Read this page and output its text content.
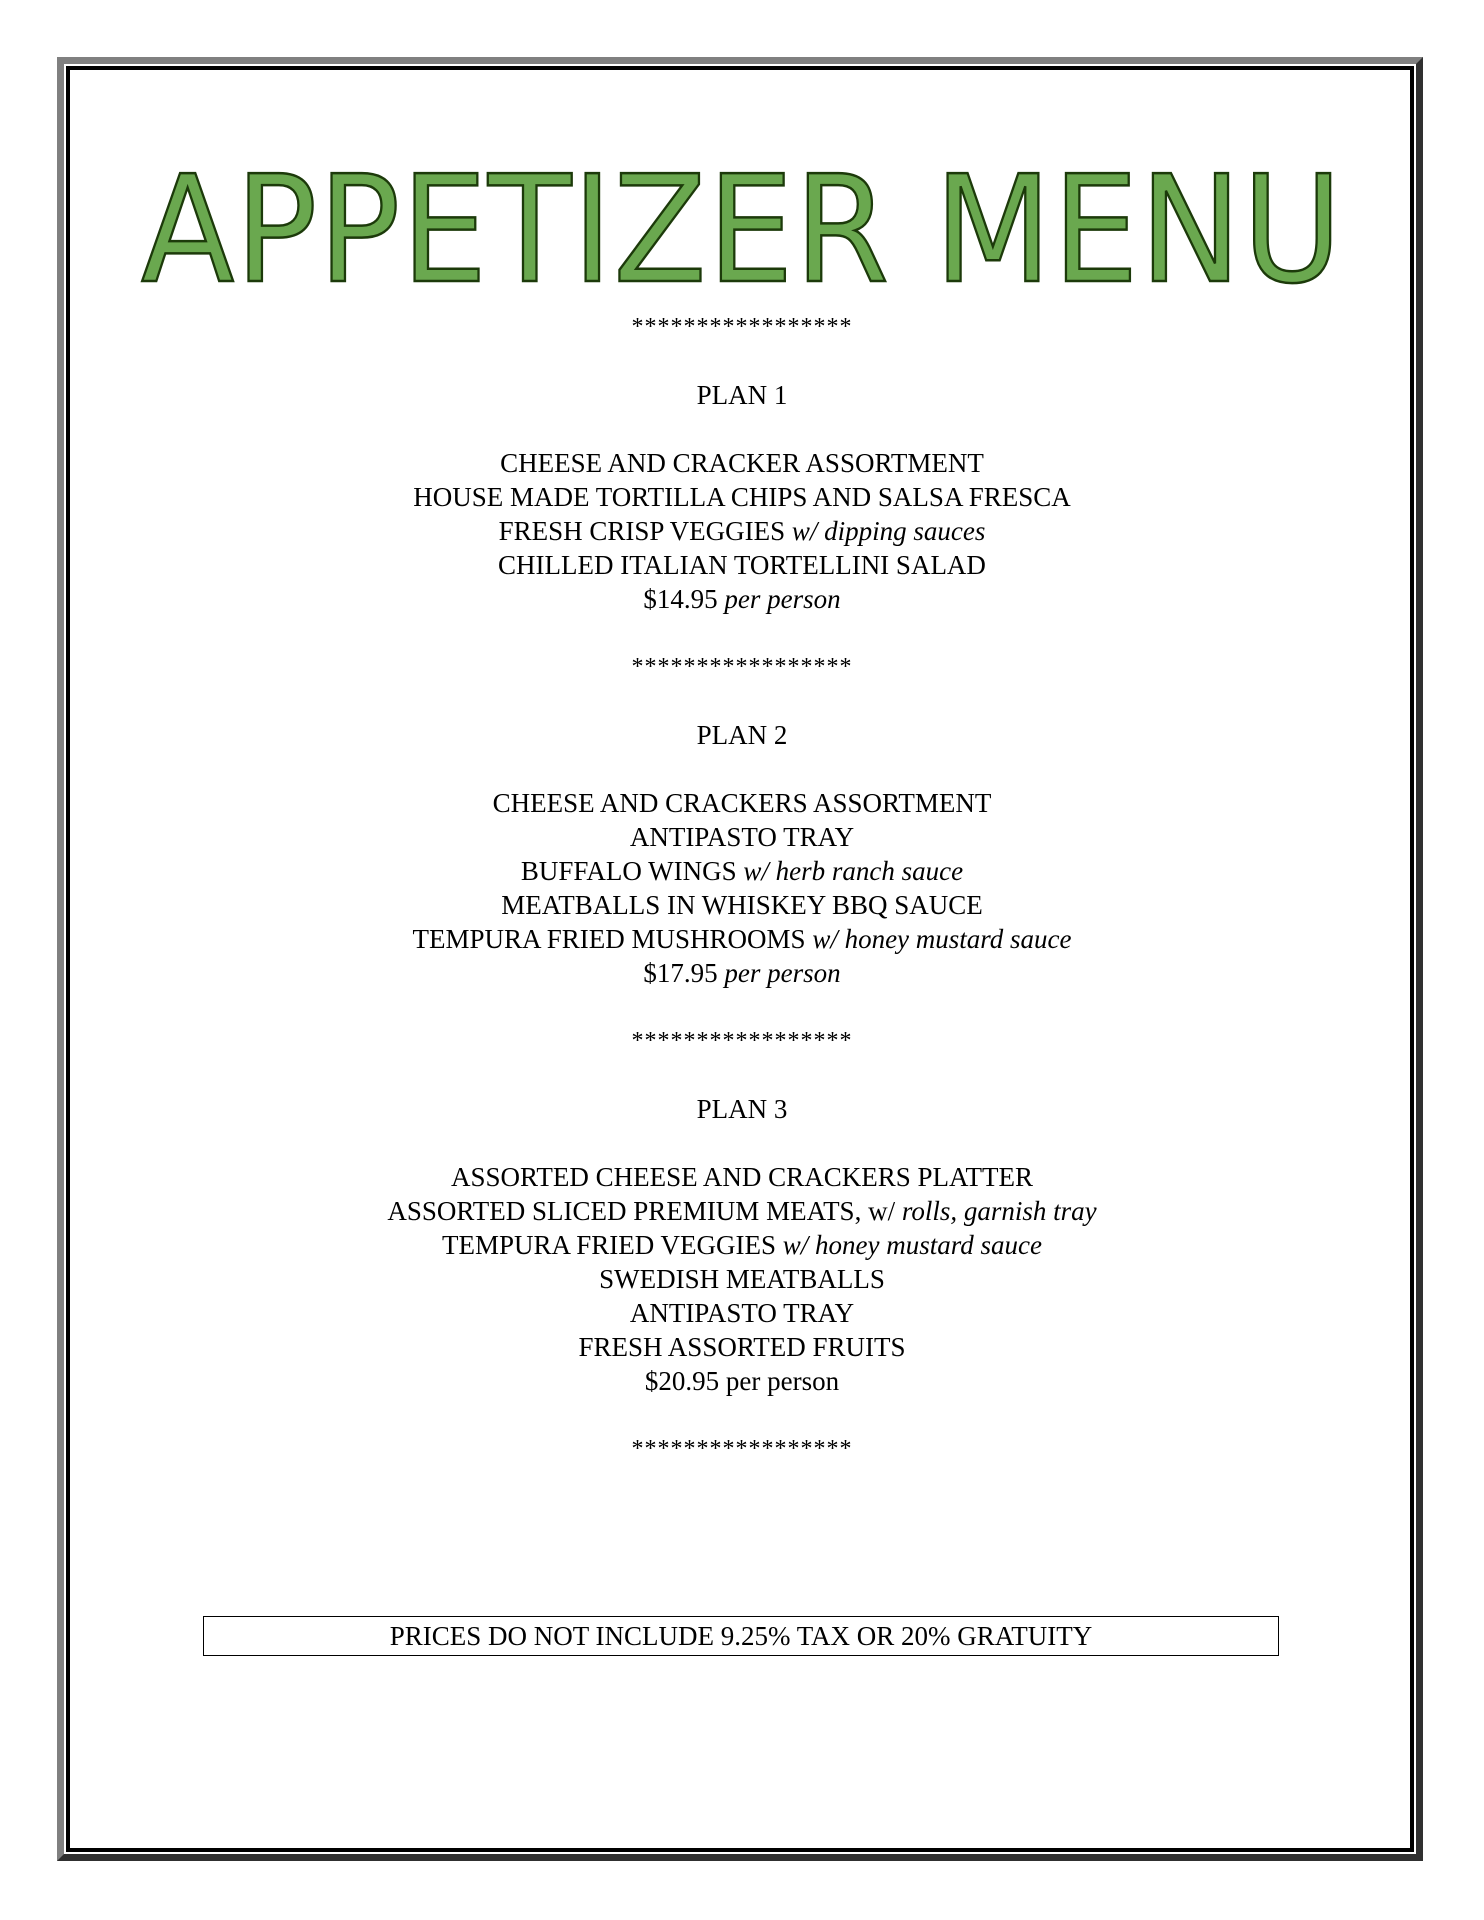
APPETIZER MENU
*****************
PLAN 1
CHEESE AND CRACKER ASSORTMENT
HOUSE MADE TORTILLA CHIPS AND SALSA FRESCA
FRESH CRISP VEGGIES w/ dipping sauces
CHILLED ITALIAN TORTELLINI SALAD
$14.95 per person
*****************
PLAN 2
CHEESE AND CRACKERS ASSORTMENT
ANTIPASTO TRAY
BUFFALO WINGS w/ herb ranch sauce
MEATBALLS IN WHISKEY BBQ SAUCE
TEMPURA FRIED MUSHROOMS w/ honey mustard sauce
$17.95 per person
*****************
PLAN 3
ASSORTED CHEESE AND CRACKERS PLATTER
ASSORTED SLICED PREMIUM MEATS, w/ rolls, garnish tray
TEMPURA FRIED VEGGIES w/ honey mustard sauce
SWEDISH MEATBALLS
ANTIPASTO TRAY
FRESH ASSORTED FRUITS
$20.95 per person
*****************
PRICES DO NOT INCLUDE 9.25% TAX OR 20% GRATUITY
